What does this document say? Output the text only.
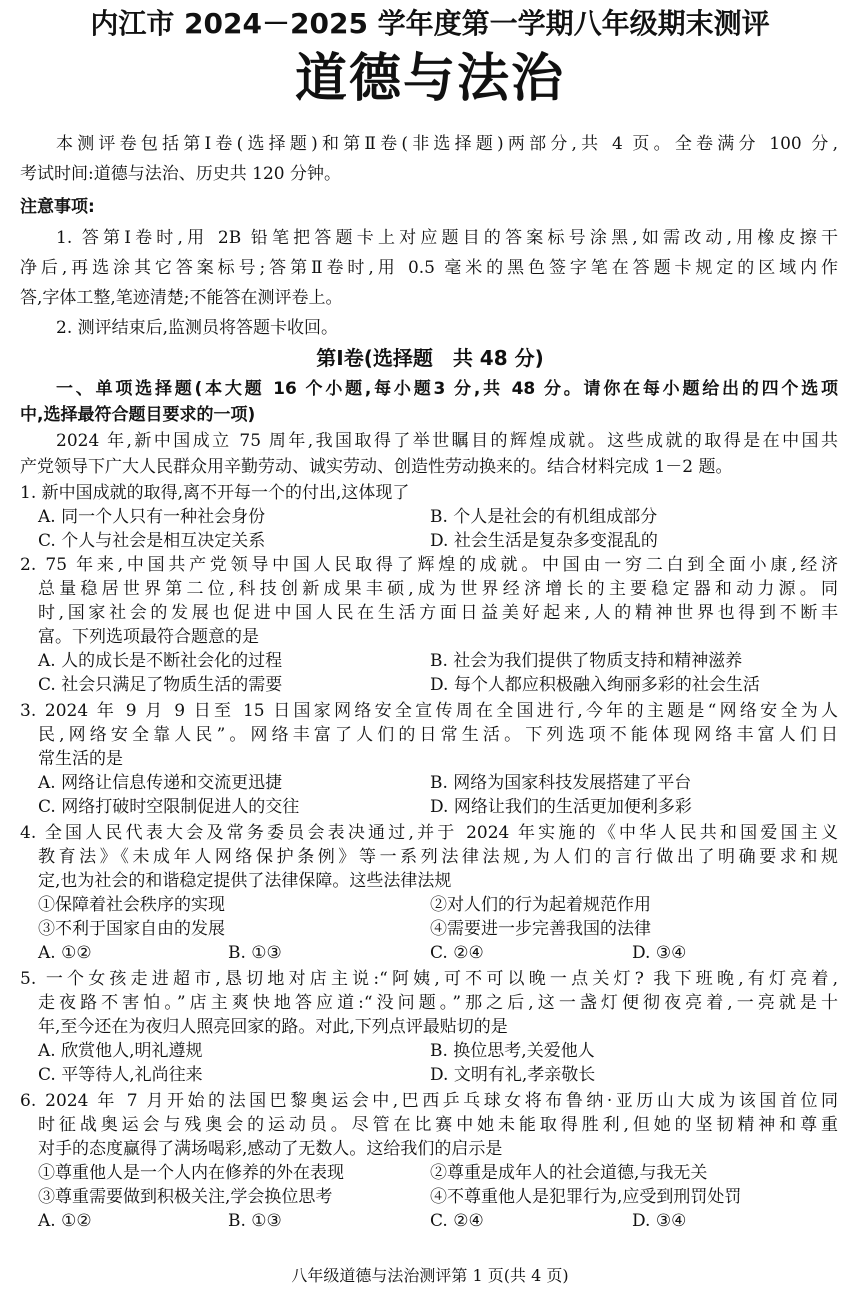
内江市 2024－2025 学年度第一学期八年级期末测评
道德与法治
本测评卷包括第Ⅰ卷(选择题)和第Ⅱ卷(非选择题)两部分,共 4 页。全卷满分 100 分,
考试时间:道德与法治、历史共 120 分钟。
注意事项:
1. 答第Ⅰ卷时,用 2B 铅笔把答题卡上对应题目的答案标号涂黑,如需改动,用橡皮擦干
净后,再选涂其它答案标号;答第Ⅱ卷时,用 0.5 毫米的黑色签字笔在答题卡规定的区域内作
答,字体工整,笔迹清楚;不能答在测评卷上。
2. 测评结束后,监测员将答题卡收回。
第Ⅰ卷(选择题　共 48 分)
一、单项选择题(本大题 16 个小题,每小题3 分,共 48 分。请你在每小题给出的四个选项
中,选择最符合题目要求的一项)
2024 年,新中国成立 75 周年,我国取得了举世瞩目的辉煌成就。这些成就的取得是在中国共
产党领导下广大人民群众用辛勤劳动、诚实劳动、创造性劳动换来的。结合材料完成 1－2 题。
1. 新中国成就的取得,离不开每一个的付出,这体现了
A. 同一个人只有一种社会身份	B. 个人是社会的有机组成部分
C. 个人与社会是相互决定关系	D. 社会生活是复杂多变混乱的
2. 75 年来,中国共产党领导中国人民取得了辉煌的成就。中国由一穷二白到全面小康,经济
总量稳居世界第二位,科技创新成果丰硕,成为世界经济增长的主要稳定器和动力源。同
时,国家社会的发展也促进中国人民在生活方面日益美好起来,人的精神世界也得到不断丰
富。下列选项最符合题意的是
A. 人的成长是不断社会化的过程	B. 社会为我们提供了物质支持和精神滋养
C. 社会只满足了物质生活的需要	D. 每个人都应积极融入绚丽多彩的社会生活
3. 2024 年 9 月 9 日至 15 日国家网络安全宣传周在全国进行,今年的主题是“网络安全为人
民,网络安全靠人民”。网络丰富了人们的日常生活。下列选项不能体现网络丰富人们日
常生活的是
A. 网络让信息传递和交流更迅捷	B. 网络为国家科技发展搭建了平台
C. 网络打破时空限制促进人的交往	D. 网络让我们的生活更加便利多彩
4. 全国人民代表大会及常务委员会表决通过,并于 2024 年实施的《中华人民共和国爱国主义
教育法》《未成年人网络保护条例》等一系列法律法规,为人们的言行做出了明确要求和规
定,也为社会的和谐稳定提供了法律保障。这些法律法规
①保障着社会秩序的实现	②对人们的行为起着规范作用
③不利于国家自由的发展	④需要进一步完善我国的法律
A. ①②	B. ①③	C. ②④	D. ③④
5. 一个女孩走进超市,恳切地对店主说:“阿姨,可不可以晚一点关灯? 我下班晚,有灯亮着,
走夜路不害怕。”店主爽快地答应道:“没问题。”那之后,这一盏灯便彻夜亮着,一亮就是十
年,至今还在为夜归人照亮回家的路。对此,下列点评最贴切的是
A. 欣赏他人,明礼遵规	B. 换位思考,关爱他人
C. 平等待人,礼尚往来	D. 文明有礼,孝亲敬长
6. 2024 年 7 月开始的法国巴黎奥运会中,巴西乒乓球女将布鲁纳·亚历山大成为该国首位同
时征战奥运会与残奥会的运动员。尽管在比赛中她未能取得胜利,但她的坚韧精神和尊重
对手的态度赢得了满场喝彩,感动了无数人。这给我们的启示是
①尊重他人是一个人内在修养的外在表现	②尊重是成年人的社会道德,与我无关
③尊重需要做到积极关注,学会换位思考	④不尊重他人是犯罪行为,应受到刑罚处罚
A. ①②	B. ①③	C. ②④	D. ③④
八年级道德与法治测评第 1 页(共 4 页)
